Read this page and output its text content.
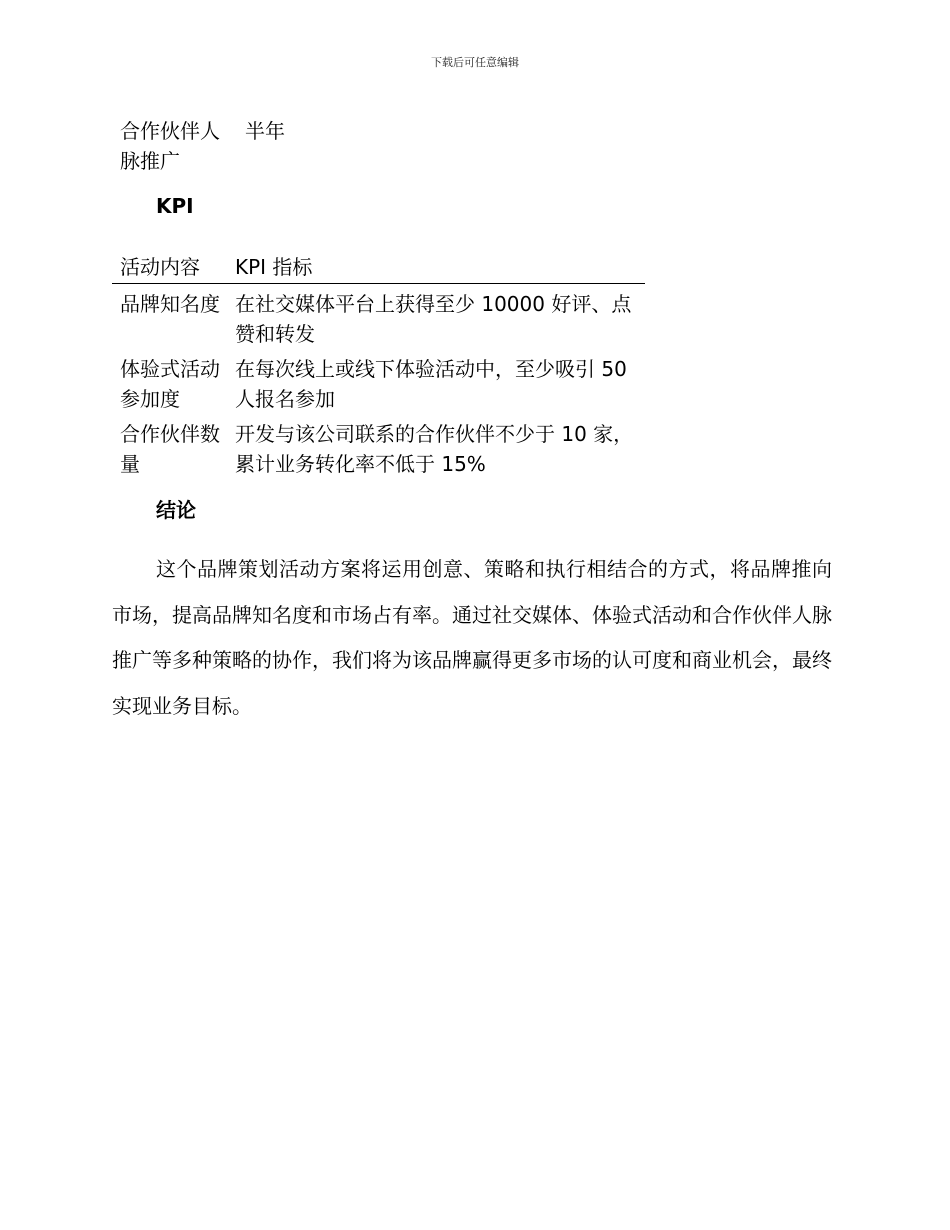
下载后可任意编辑
合作伙伴人脉推广
半年
KPI
活动内容	KPI 指标
品牌知名度 在社交媒体平台上获得至少 10000 好评、点赞和转发
体验式活动参加度
在每次线上或线下体验活动中，至少吸引 50 人报名参加
合作伙伴数量
开发与该公司联系的合作伙伴不少于 10 家，累计业务转化率不低于 15%
结论

这个品牌策划活动方案将运用创意、策略和执行相结合的方式，将品牌推向市场，提高品牌知名度和市场占有率。通过社交媒体、体验式活动和合作伙伴人脉推广等多种策略的协作，我们将为该品牌赢得更多市场的认可度和商业机会，最终实现业务目标。
